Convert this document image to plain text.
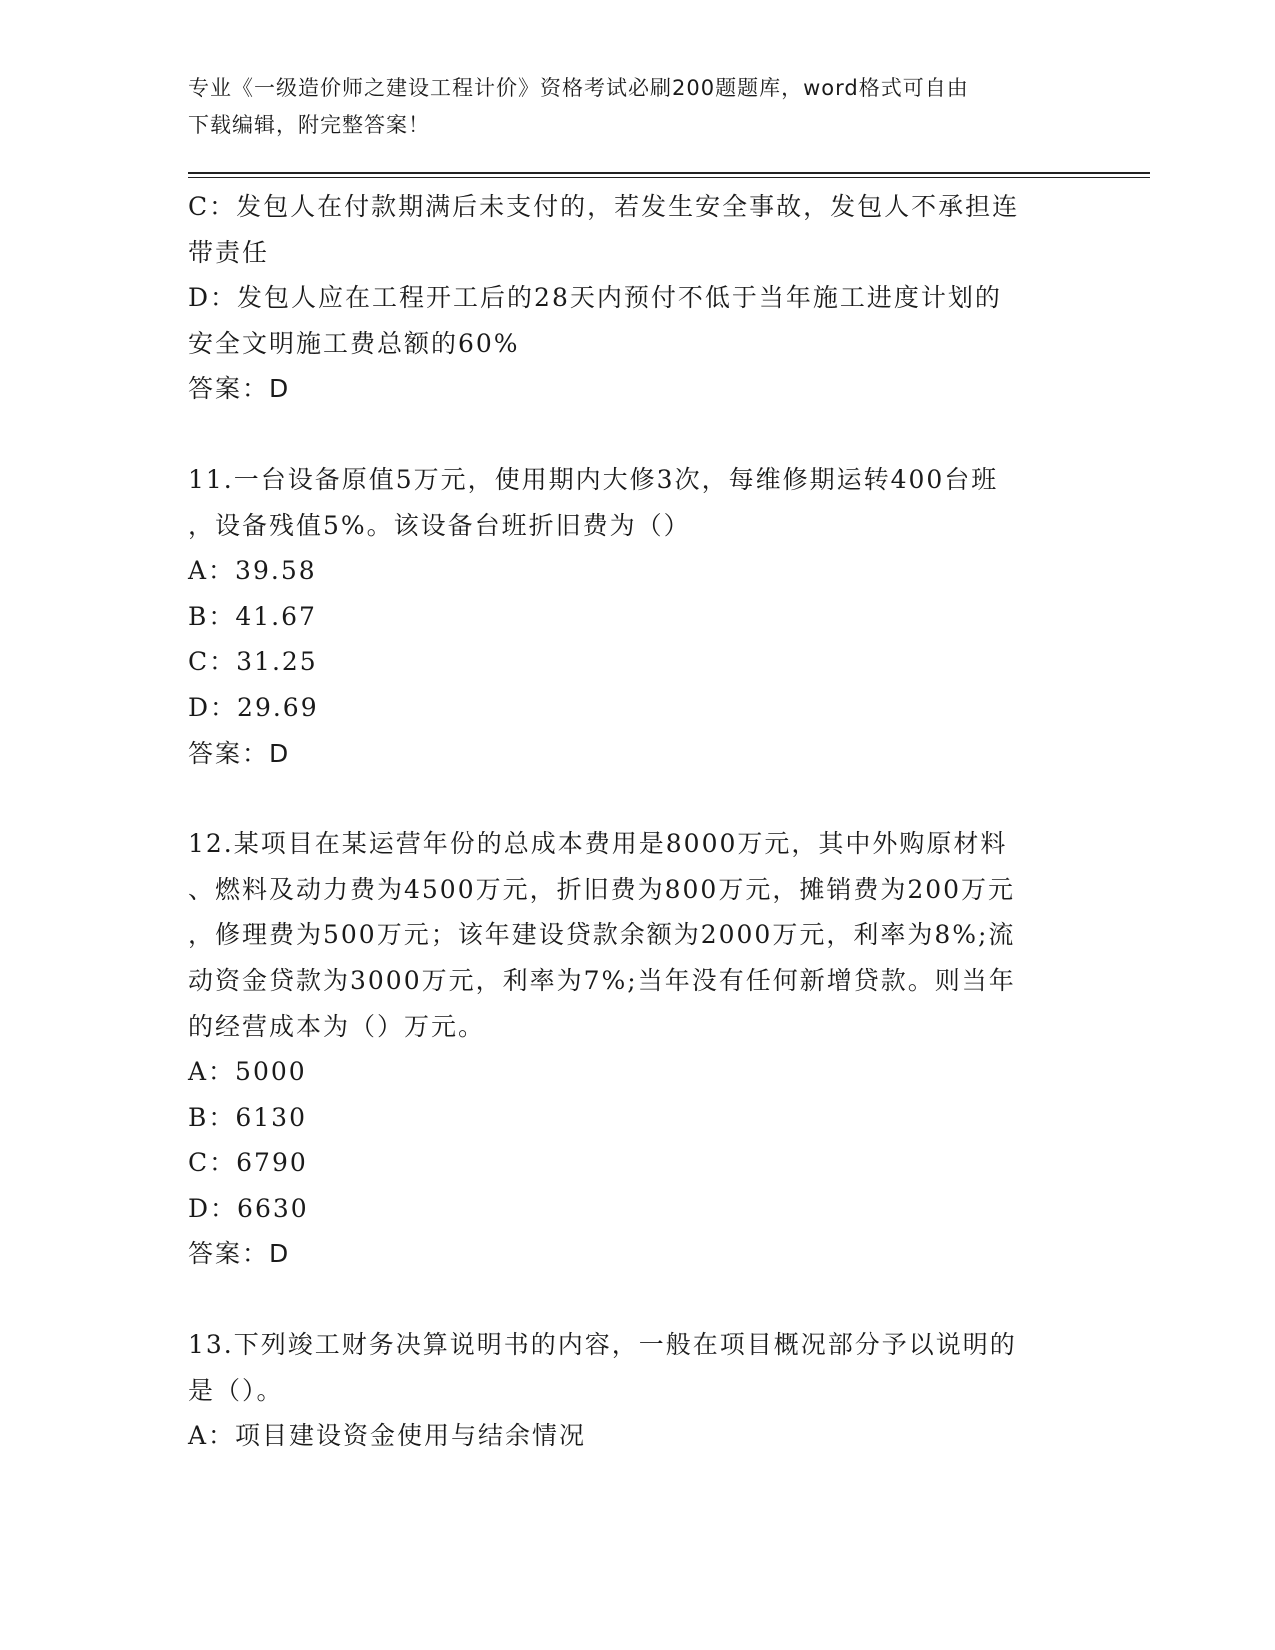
专业《一级造价师之建设工程计价》资格考试必刷200题题库，word格式可自由
下载编辑，附完整答案！
C：发包人在付款期满后未支付的，若发生安全事故，发包人不承担连
带责任
D：发包人应在工程开工后的28天内预付不低于当年施工进度计划的
安全文明施工费总额的60%
答案：D
11.一台设备原值5万元，使用期内大修3次，每维修期运转400台班
，设备残值5%。该设备台班折旧费为（）
A：39.58
B：41.67
C：31.25
D：29.69
答案：D
12.某项目在某运营年份的总成本费用是8000万元，其中外购原材料
、燃料及动力费为4500万元，折旧费为800万元，摊销费为200万元
，修理费为500万元；该年建设贷款余额为2000万元，利率为8%;流
动资金贷款为3000万元，利率为7%;当年没有任何新增贷款。则当年
的经营成本为（）万元。
A：5000
B：6130
C：6790
D：6630
答案：D
13.下列竣工财务决算说明书的内容，一般在项目概况部分予以说明的
是（）。
A：项目建设资金使用与结余情况
